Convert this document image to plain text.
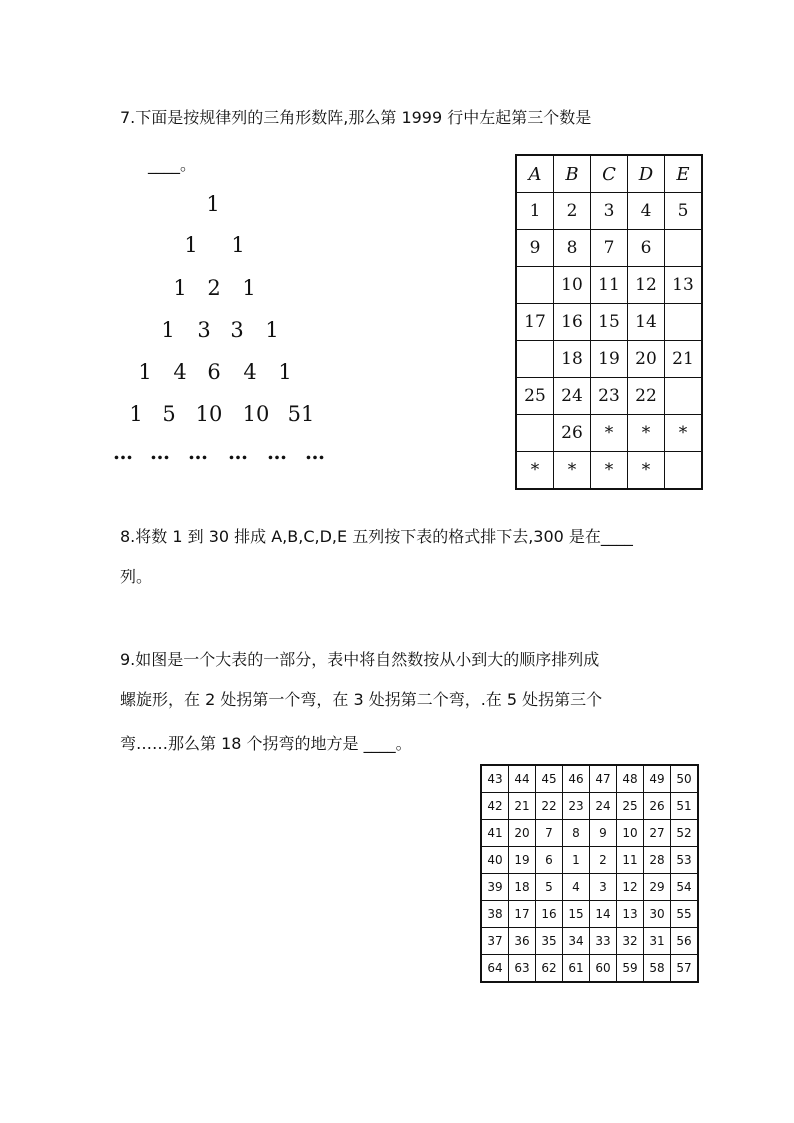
7.下面是按规律列的三角形数阵,那么第 1999 行中左起第三个数是
____。
1
1 1
1 2 1
1 3 3 1
1 4 6 4 1
1 5 10 10 51
… … … … … …
A	B	C	D	E
1	2	3	4	5
9	8	7	6	
	10	11	12	13
17	16	15	14	
	18	19	20	21
25	24	23	22	
	26	*	*	*
*	*	*	*	
8.将数 1 到 30 排成 A,B,C,D,E 五列按下表的格式排下去,300 是在____
列。
9.如图是一个大表的一部分，表中将自然数按从小到大的顺序排列成
螺旋形，在 2 处拐第一个弯，在 3 处拐第二个弯，.在 5 处拐第三个
弯……那么第 18 个拐弯的地方是 ____。
43	44	45	46	47	48	49	50
42	21	22	23	24	25	26	51
41	20	7	8	9	10	27	52
40	19	6	1	2	11	28	53
39	18	5	4	3	12	29	54
38	17	16	15	14	13	30	55
37	36	35	34	33	32	31	56
64	63	62	61	60	59	58	57
